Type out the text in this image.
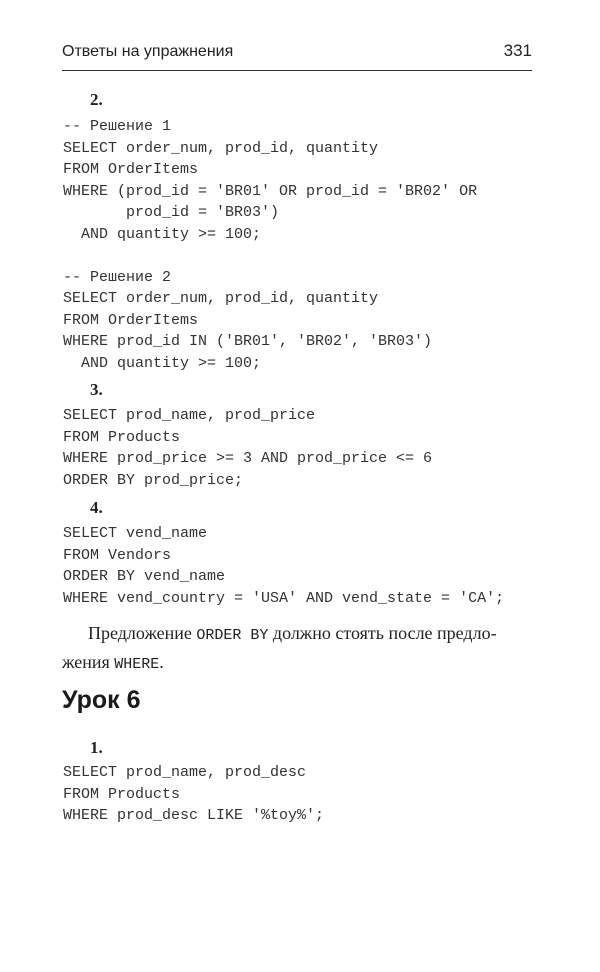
Ответы на упражнения	331
2.
-- Решение 1
SELECT order_num, prod_id, quantity
FROM OrderItems
WHERE (prod_id = 'BR01' OR prod_id = 'BR02' OR
prod_id = 'BR03')
AND quantity >= 100;

-- Решение 2
SELECT order_num, prod_id, quantity
FROM OrderItems
WHERE prod_id IN ('BR01', 'BR02', 'BR03')
AND quantity >= 100;
3.
SELECT prod_name, prod_price
FROM Products
WHERE prod_price >= 3 AND prod_price <= 6
ORDER BY prod_price;
4.
SELECT vend_name
FROM Vendors
ORDER BY vend_name
WHERE vend_country = 'USA' AND vend_state = 'CA';

Предложение ORDER BY должно стоять после предло-

жения WHERE.

Урок 6
1.
SELECT prod_name, prod_desc
FROM Products
WHERE prod_desc LIKE '%toy%';
